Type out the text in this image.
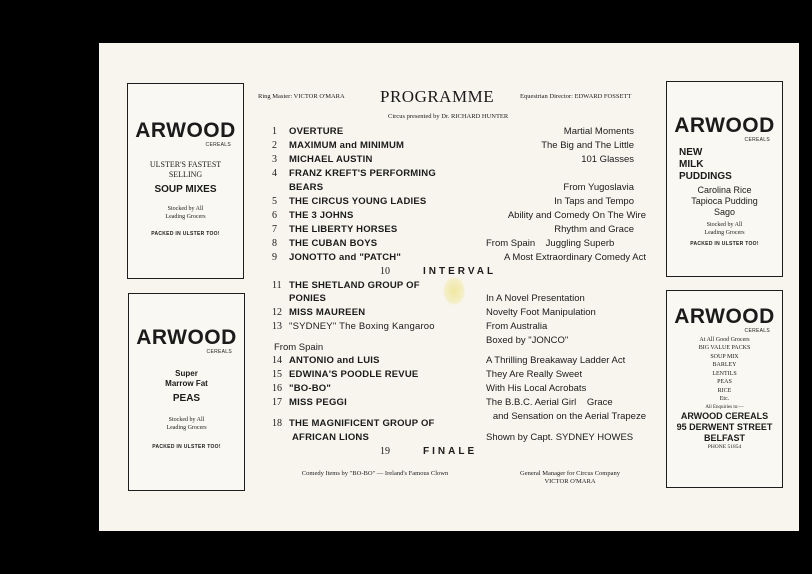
ARWOOD
CEREALS
ULSTER'S FASTEST
SELLING
SOUP MIXES
Stocked by All
Leading Grocers
PACKED IN ULSTER TOO!
ARWOOD
CEREALS
Super
Marrow Fat
PEAS
Stocked by All
Leading Grocers
PACKED IN ULSTER TOO!
ARWOOD
CEREALS
NEW
MILK
PUDDINGS
Carolina Rice
Tapioca Pudding
Sago
Stocked by All
Leading Grocers
PACKED IN ULSTER TOO!
ARWOOD
CEREALS
At All Good Grocers
BIG VALUE PACKS
SOUP MIX
BARLEY
LENTILS
PEAS
RICE
Etc.
All Enquiries to:—
ARWOOD CEREALS
95 DERWENT STREET
BELFAST
PHONE 51854
Ring Master: VICTOR O'MARA PROGRAMME	Equestrian Director: EDWARD FOSSETT
Circus presented by Dr. RICHARD HUNTER
1 OVERTURE	Martial Moments
2 MAXIMUM and MINIMUM	The Big and The Little
3 MICHAEL AUSTIN	101 Glasses
4 FRANZ KREFT'S PERFORMING
BEARS	From Yugoslavia
5 THE CIRCUS YOUNG LADIES	In Taps and Tempo
6 THE 3 JOHNS	Ability and Comedy On The Wire
7 THE LIBERTY HORSES	Rhythm and Grace
8 THE CUBAN BOYS	From Spain    Juggling Superb
9 JONOTTO and "PATCH"	A Most Extraordinary Comedy Act
10	INTERVAL
11 THE SHETLAND GROUP OF
PONIES	In A Novel Presentation
12 MISS MAUREEN	Novelty Foot Manipulation
13 "SYDNEY" The Boxing Kangaroo	From Australia
Boxed by "JONCO"
From Spain
14 ANTONIO and LUIS	A Thrilling Breakaway Ladder Act
15 EDWINA'S POODLE REVUE	They Are Really Sweet
16 "BO-BO"	With His Local Acrobats
17 MISS PEGGI	The B.B.C. Aerial Girl    Grace
and Sensation on the Aerial Trapeze
18 THE MAGNIFICENT GROUP OF
AFRICAN LIONS	Shown by Capt. SYDNEY HOWES
19	FINALE
Comedy Items by "BO-BO" — Ireland's Famous Clown	General Manager for Circus Company
VICTOR O'MARA
